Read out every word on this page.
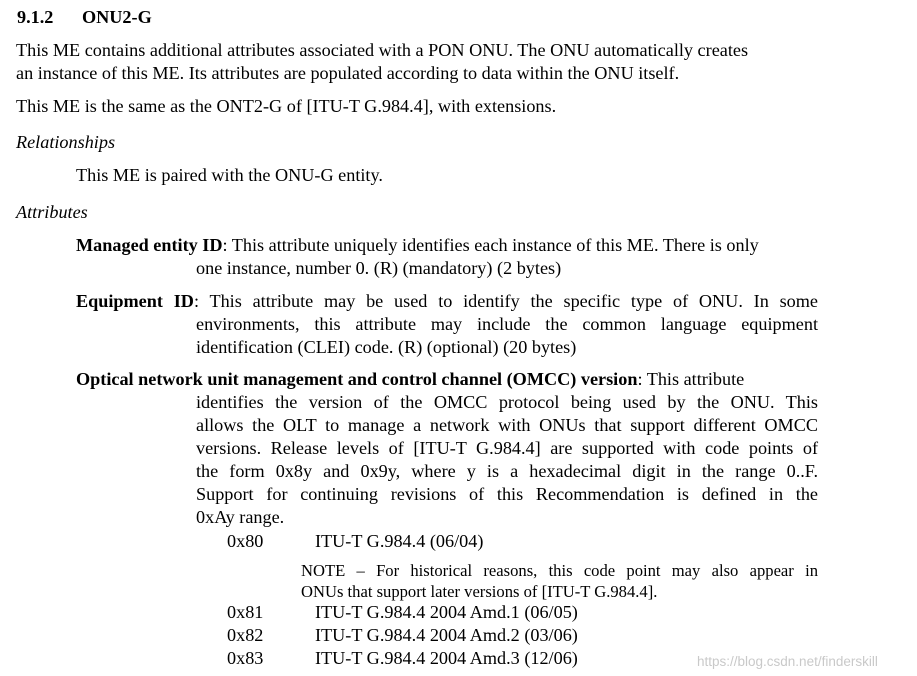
9.1.2 ONU2-G
This ME contains additional attributes associated with a PON ONU. The ONU automatically creates
an instance of this ME. Its attributes are populated according to data within the ONU itself.
This ME is the same as the ONT2-G of [ITU-T G.984.4], with extensions.
Relationships
This ME is paired with the ONU-G entity.
Attributes
Managed entity ID: This attribute uniquely identifies each instance of this ME. There is only
one instance, number 0. (R) (mandatory) (2 bytes)
Equipment ID: This attribute may be used to identify the specific type of ONU. In some
environments, this attribute may include the common language equipment
identification (CLEI) code. (R) (optional) (20 bytes)
Optical network unit management and control channel (OMCC) version: This attribute
identifies the version of the OMCC protocol being used by the ONU. This
allows the OLT to manage a network with ONUs that support different OMCC
versions. Release levels of [ITU-T G.984.4] are supported with code points of
the form 0x8y and 0x9y, where y is a hexadecimal digit in the range 0..F.
Support for continuing revisions of this Recommendation is defined in the
0xAy range.
0x80	ITU-T G.984.4 (06/04)
NOTE – For historical reasons, this code point may also appear in
ONUs that support later versions of [ITU-T G.984.4].
0x81	ITU-T G.984.4 2004 Amd.1 (06/05)
0x82	ITU-T G.984.4 2004 Amd.2 (03/06)
0x83	ITU-T G.984.4 2004 Amd.3 (12/06)	https://blog.csdn.net/finderskill
